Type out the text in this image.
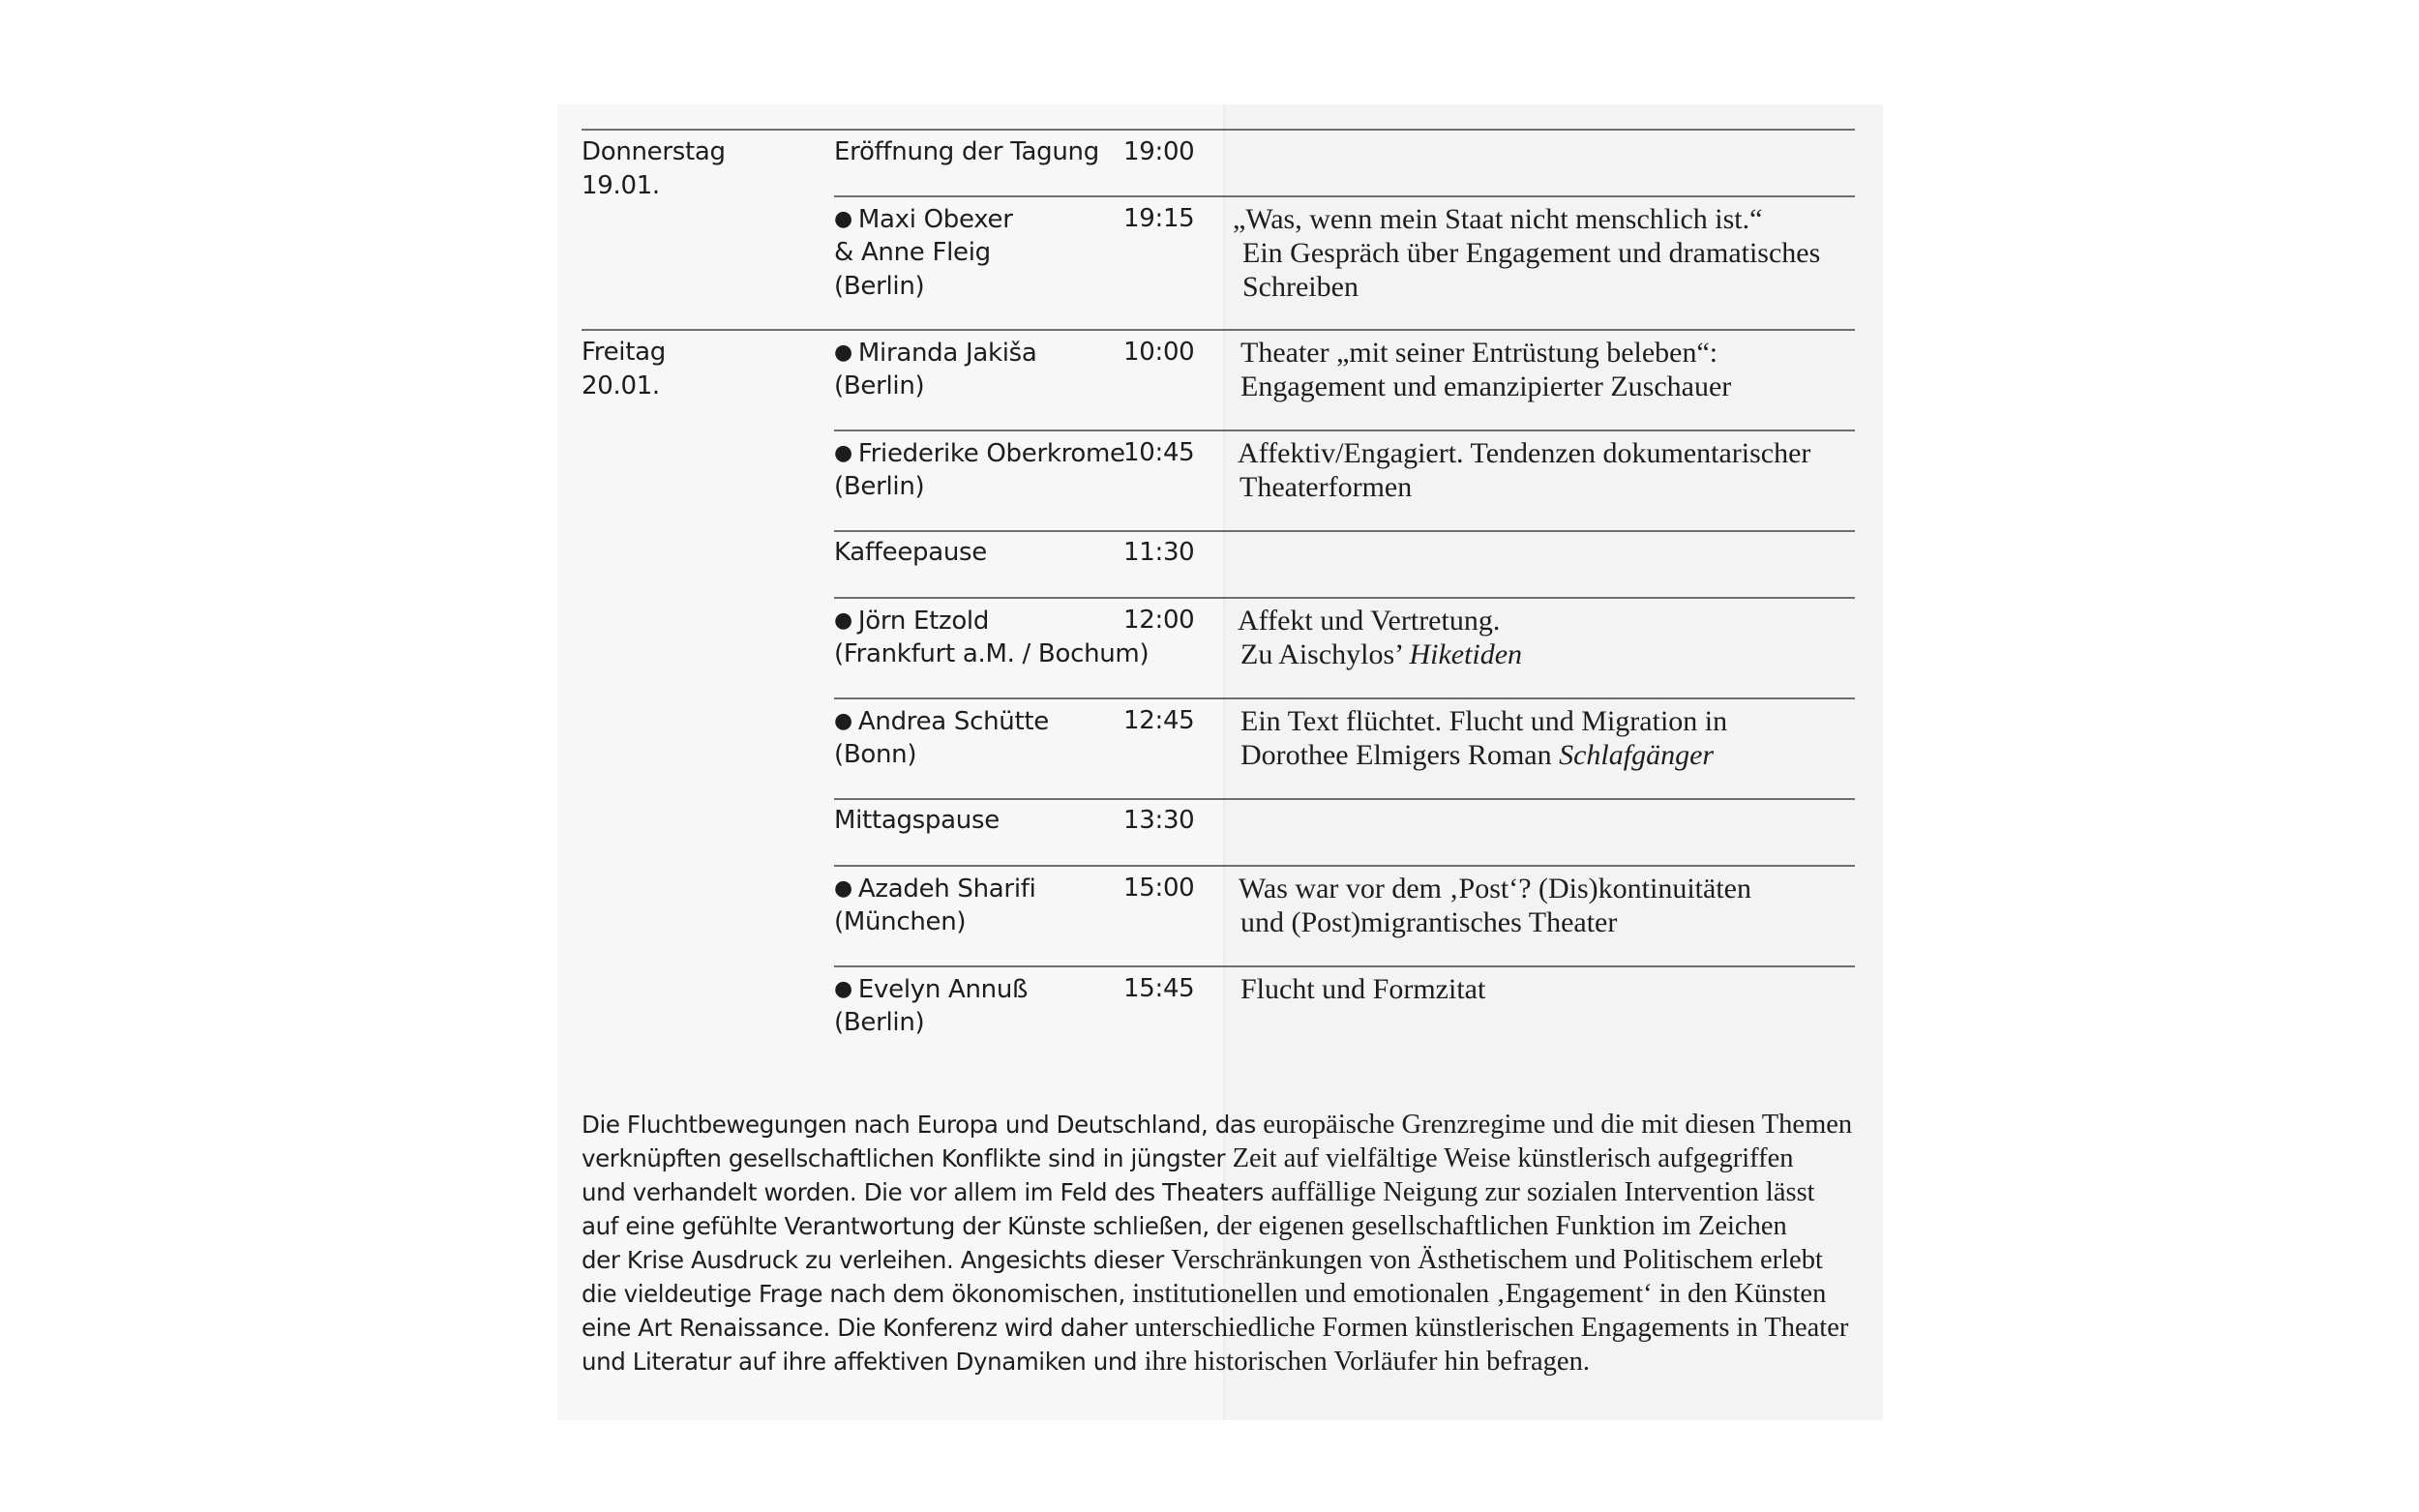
Donnerstag

19.01.

Freitag

20.01.

Eröffnung der Tagung 19:00

● Maxi Obexer

& Anne Fleig

(Berlin)

19:15 „Was, wenn mein Staat nicht menschlich ist.“

Ein Gespräch über Engagement und dramatisches

Schreiben

● Miranda Jakiša

(Berlin)

10:00 Theater „mit seiner Entrüstung beleben“:

Engagement und emanzipierter Zuschauer

● Friederike Oberkrome

(Berlin)

10:45 Affektiv/Engagiert. Tendenzen dokumentarischer

Theaterformen

Kaffeepause	11:30

● Jörn Etzold

(Frankfurt a.M. / Bochum)

12:00 Affekt und Vertretung.

Zu Aischylos’ Hiketiden

● Andrea Schütte

(Bonn)

12:45 Ein Text flüchtet. Flucht und Migration in

Dorothee Elmigers Roman Schlafgänger

Mittagspause	13:30

● Azadeh Sharifi

(München)

15:00 Was war vor dem ‚Post‘? (Dis)kontinuitäten

und (Post)migrantisches Theater

● Evelyn Annuß

(Berlin)

15:45 Flucht und Formzitat

Die Fluchtbewegungen nach Europa und Deutschland, das europäische Grenzregime und die mit diesen Themen
verknüpften gesellschaftlichen Konflikte sind in jüngster Zeit auf vielfältige Weise künstlerisch aufgegriffen
und verhandelt worden. Die vor allem im Feld des Theaters auffällige Neigung zur sozialen Intervention lässt
auf eine gefühlte Verantwortung der Künste schließen, der eigenen gesellschaftlichen Funktion im Zeichen
der Krise Ausdruck zu verleihen. Angesichts dieser Verschränkungen von Ästhetischem und Politischem erlebt
die vieldeutige Frage nach dem ökonomischen, institutionellen und emotionalen ‚Engagement‘ in den Künsten
eine Art Renaissance. Die Konferenz wird daher unterschiedliche Formen künstlerischen Engagements in Theater
und Literatur auf ihre affektiven Dynamiken und ihre historischen Vorläufer hin befragen.
